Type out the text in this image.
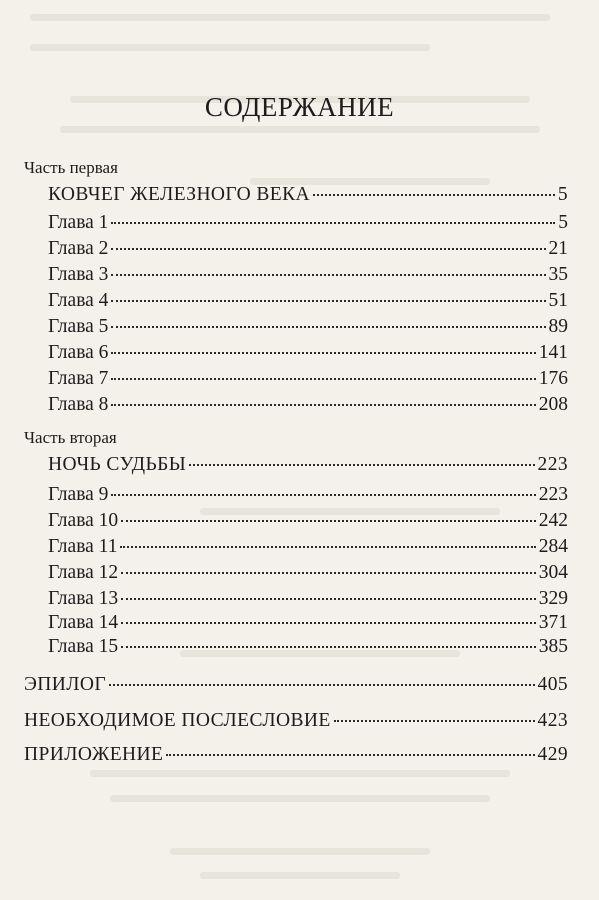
СОДЕРЖАНИЕ
Часть первая
КОВЧЕГ ЖЕЛЕЗНОГО ВЕКА	5
Глава 1	5
Глава 2	21
Глава 3	35
Глава 4	51
Глава 5	89
Глава 6	141
Глава 7	176
Глава 8	208
Часть вторая
НОЧЬ СУДЬБЫ	223
Глава 9	223
Глава 10	242
Глава 11	284
Глава 12	304
Глава 13	329
Глава 14	371
Глава 15	385
ЭПИЛОГ	405
НЕОБХОДИМОЕ ПОСЛЕСЛОВИЕ	423
ПРИЛОЖЕНИЕ	429
